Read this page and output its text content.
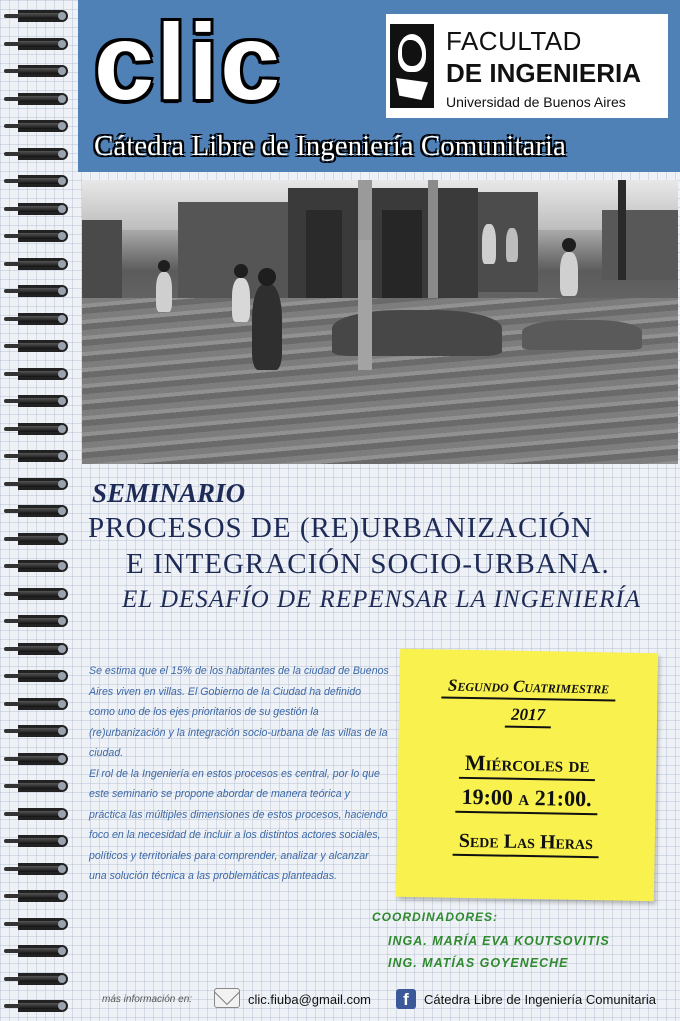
clic	FACULTAD
DE INGENIERIA
Universidad de Buenos Aires
Cátedra Libre de Ingeniería Comunitaria
SEMINARIO
PROCESOS DE (RE)URBANIZACIÓN
E INTEGRACIÓN SOCIO-URBANA.
EL DESAFÍO DE REPENSAR LA INGENIERÍA

Se estima que el 15% de los habitantes de la ciudad de Buenos Aires viven en villas. El Gobierno de la Ciudad ha definido como uno de los ejes prioritarios de su gestión la (re)urbanización y la integración socio-urbana de las villas de la ciudad.

El rol de la Ingeniería en estos procesos es central, por lo que este seminario se propone abordar de manera teórica y práctica las múltiples dimensiones de estos procesos, haciendo foco en la necesidad de incluir a los distintos actores sociales, políticos y territoriales para comprender, analizar y alcanzar una solución técnica a las problemáticas planteadas.

Segundo Cuatrimestre
2017
Miércoles de
19:00 a 21:00.
Sede Las Heras
COORDINADORES:
INGA. MARÍA EVA KOUTSOVITIS
ING. MATÍAS GOYENECHE
más información en:	clic.fiuba@gmail.com	f	Cátedra Libre de Ingeniería Comunitaria
